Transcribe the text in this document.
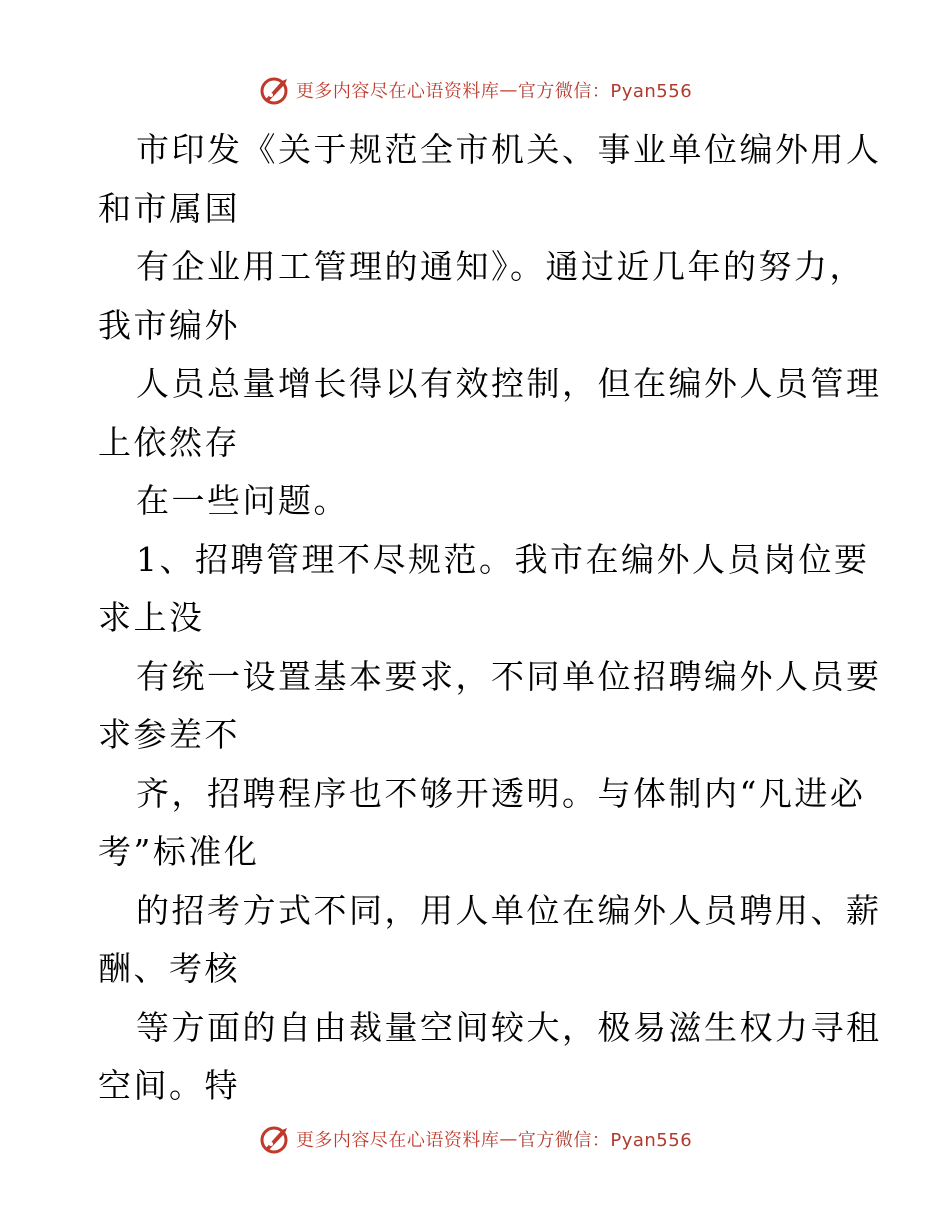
更多内容尽在心语资料库 — 官方微信：Pyan556
市印发《关于规范全市机关、事业单位编外用人
和市属国
有企业用工管理的通知》。通过近几年的努力，
我市编外
人员总量增长得以有效控制，但在编外人员管理
上依然存
在一些问题。
1、招聘管理不尽规范。我市在编外人员岗位要
求上没
有统一设置基本要求，不同单位招聘编外人员要
求参差不
齐，招聘程序也不够开透明。与体制内“凡进必
考”标准化
的招考方式不同，用人单位在编外人员聘用、薪
酬、考核
等方面的自由裁量空间较大，极易滋生权力寻租
空间。特
更多内容尽在心语资料库 — 官方微信：Pyan556
